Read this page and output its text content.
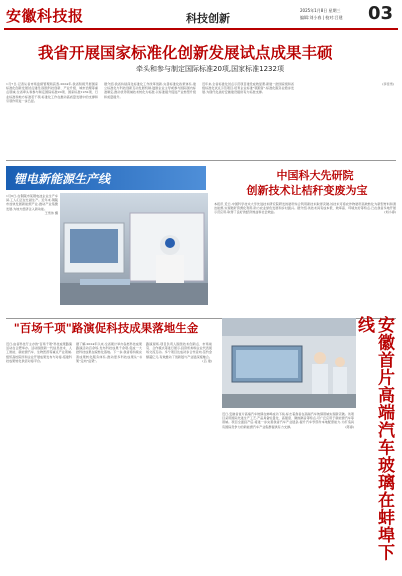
安徽科技报	科技创新
2025年1月8日 星期三
编辑:刘小春 | 校对:吕建 03
我省开展国家标准化创新发展试点成果丰硕
牵头和参与制定国际标准20项,国家标准1232项
1月7日,记者从省市场监督管理局获悉,2024年,我省积极开展国家标准化创新发展试点建设,围绕科技创新、产业升级、城市治理等重点领域,全省牵头和参与制定国际标准20项、国家标准1232项、行业标准和地方标准若干项,标准化工作在推动高质量发展中的支撑和引领作用进一步凸显。
据介绍,我省持续深化标准化工作改革创新,完善标准化政策体系,建立标准化与科技创新互动发展机制,鼓励企业主导或参与国际国内标准制定,推动优势领域技术转化为标准,以标准提升促进产业转型升级和质量提升。
近年来,全省标准化试点示范项目建设成效显著,新建一批国家级和省级标准化试点示范项目,培育企业标准"领跑者",标准化服务业稳步发展,为现代化美好安徽建设提供有力标准支撑。
(李佳雪)
锂电新能源生产线
1月6日,在铜陵市某锂电池企业生产车间,工人们正在忙碌生产。近年来,铜陵市加快发展新能源产业,推动产业集聚发展,为地方经济注入新动能。
王雪伟 摄
中国科大先研院
创新技术让桔秆变废为宝
本报讯 近日,中国科学技术大学先进技术研究院研发的秸秆综合利用新技术取得突破,该技术可将农作物秸秆高效转化为新型材料和清洁能源,实现秸秆资源化利用,助力农业绿色发展和乡村振兴。据介绍,该技术具有成本低、效率高、环境友好等特点,已在我省多地开展示范应用,取得了良好的经济效益和社会效益。	(刘小春)
"百场千项"路演促科技成果落地生金
近日,由省科技厅主办的"百场千项"科技成果路演活动在合肥举办。活动围绕新一代信息技术、人工智能、新能源汽车、生物医药等重点产业领域,组织高校院所和企业开展成果发布与对接,搭建科技成果转化供需对接平台。
据了解,2024年以来,全省累计举办各类科技成果路演活动百余场,发布科技成果千余项,促成一大批科技成果在皖转化落地。下一步,我省将持续完善成果转化服务体系,推动更多科技成果从"书架"走向"货架"。
路演现场,项目负责人围绕技术创新点、市场前景、合作模式等进行展示,投资机构和企业代表现场交流互动。多个项目达成初步合作意向,签约金额超亿元,有效推动了创新链与产业链深度融合。
(吕 建)	安徽首片高端汽车玻璃在蚌埠下线
近日,安徽省首片高端汽车玻璃在蚌埠成功下线,标志着我省在高端汽车玻璃领域实现新突破。该项目采用国际先进生产工艺,产品具备轻量化、高强度、隔热隔音等特点,可广泛应用于新能源汽车等领域。项目全面投产后,将进一步完善我省汽车产业链条,提升汽车零部件本地配套能力,为打造具有国际竞争力的新能源汽车产业集群提供有力支撑。	(陈春)
